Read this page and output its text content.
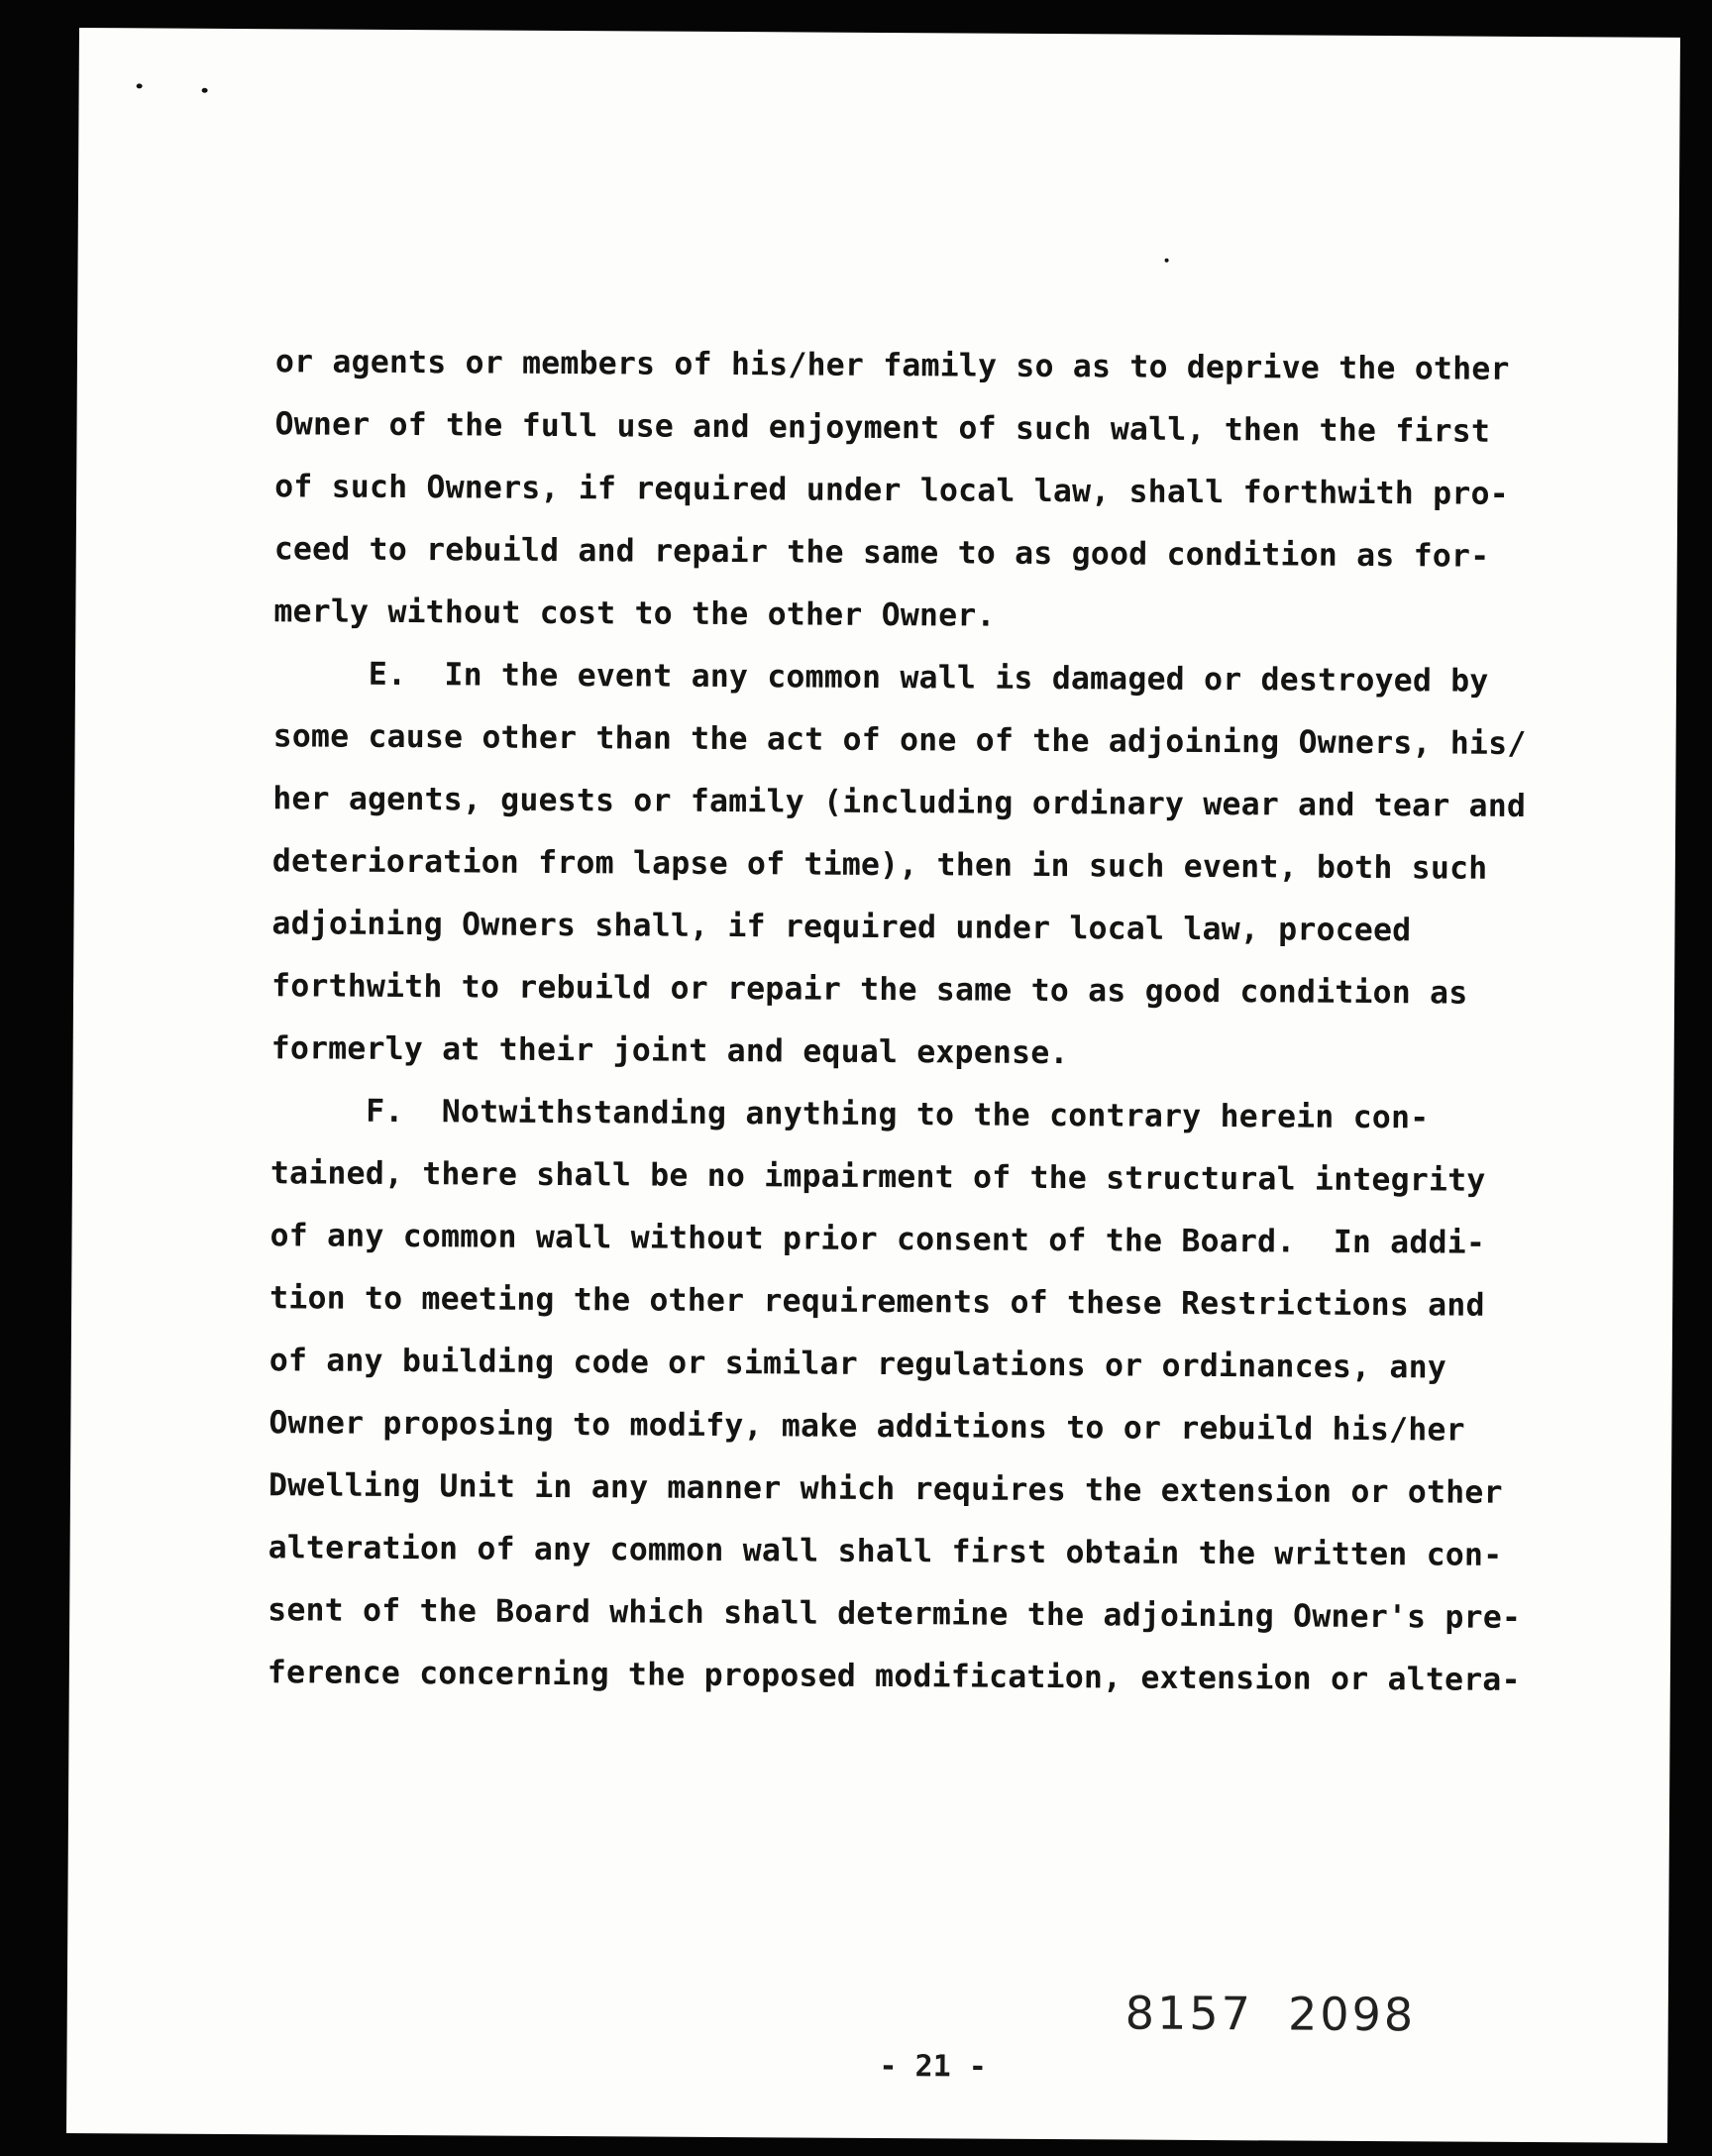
or agents or members of his/her family so as to deprive the other
Owner of the full use and enjoyment of such wall, then the first
of such Owners, if required under local law, shall forthwith pro-
ceed to rebuild and repair the same to as good condition as for-
merly without cost to the other Owner.
E.  In the event any common wall is damaged or destroyed by
some cause other than the act of one of the adjoining Owners, his/
her agents, guests or family (including ordinary wear and tear and
deterioration from lapse of time), then in such event, both such
adjoining Owners shall, if required under local law, proceed
forthwith to rebuild or repair the same to as good condition as
formerly at their joint and equal expense.
F.  Notwithstanding anything to the contrary herein con-
tained, there shall be no impairment of the structural integrity
of any common wall without prior consent of the Board.  In addi-
tion to meeting the other requirements of these Restrictions and
of any building code or similar regulations or ordinances, any
Owner proposing to modify, make additions to or rebuild his/her
Dwelling Unit in any manner which requires the extension or other
alteration of any common wall shall first obtain the written con-
sent of the Board which shall determine the adjoining Owner's pre-
ference concerning the proposed modification, extension or altera-
8157  2098
- 21 -
